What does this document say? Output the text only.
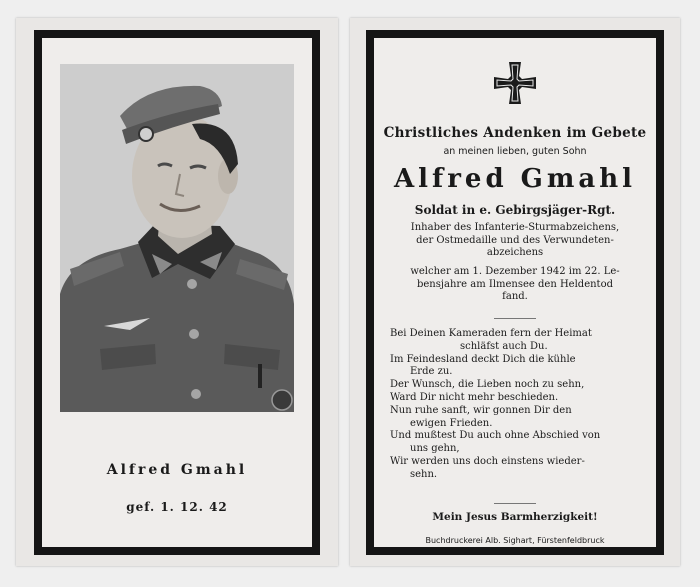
Alfred Gmahl
gef. 1. 12. 42
Christliches Andenken im Gebete
an meinen lieben, guten Sohn
Alfred Gmahl
Soldat in e. Gebirgsjäger-Rgt.
Inhaber des Infanterie-Sturmabzeichens,
der Ostmedaille und des Verwundeten-
abzeichens
welcher am 1. Dezember 1942 im 22. Le-
bensjahre am Ilmensee den Heldentod
fand.
Bei Deinen Kameraden fern der Heimat
schläfst auch Du.
Im Feindesland deckt Dich die kühle
Erde zu.
Der Wunsch, die Lieben noch zu sehn,
Ward Dir nicht mehr beschieden.
Nun ruhe sanft, wir gonnen Dir den
ewigen Frieden.
Und mußtest Du auch ohne Abschied von
uns gehn,
Wir werden uns doch einstens wieder-
sehn.
Mein Jesus Barmherzigkeit!
Buchdruckerei Alb. Sighart, Fürstenfeldbruck
